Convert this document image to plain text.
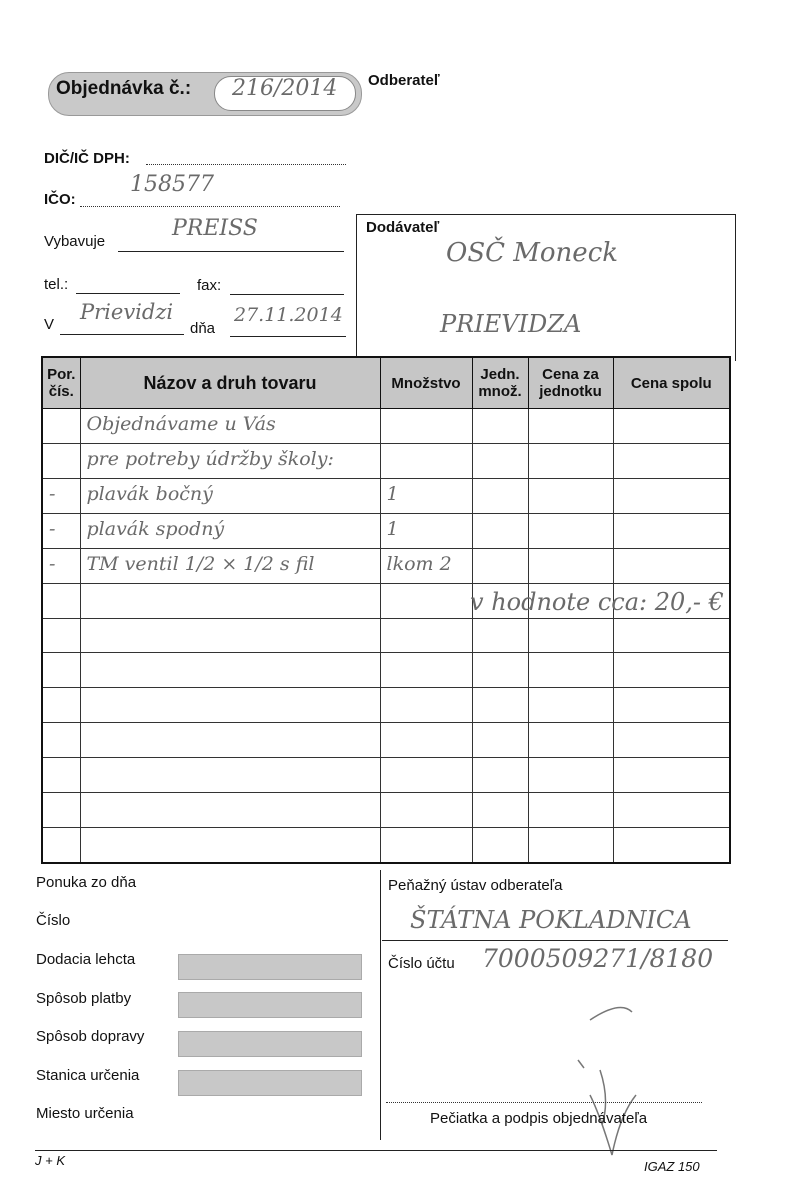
Objednávka č.: 216/2014 Odberateľ
DIČ/IČ DPH:
IČO:
158577
Vybavuje
PREISS
tel.:	fax:
V
Prievidzi
dňa
27.11.2014
Dodávateľ
OSČ Moneck
PRIEVIDZA
Por. čís.	Názov a druh tovaru	Množstvo	Jedn. množ.	Cena za jednotku	Cena spolu

	Objednávame u Vás				

	pre potreby údržby školy:				

-	plavák bočný	1			

-	plavák spodný	1			

-	TM ventil 1/2 × 1/2 s fil	lkom 2			

v hodnote cca: 20,- €
Ponuka zo dňa
Číslo
Dodacia lehcta
Spôsob platby
Spôsob dopravy
Stanica určenia
Miesto určenia
Peňažný ústav odberateľa
ŠTÁTNA POKLADNICA
Číslo účtu 7000509271/8180
Pečiatka a podpis objednávateľa
J + K	IGAZ 150
